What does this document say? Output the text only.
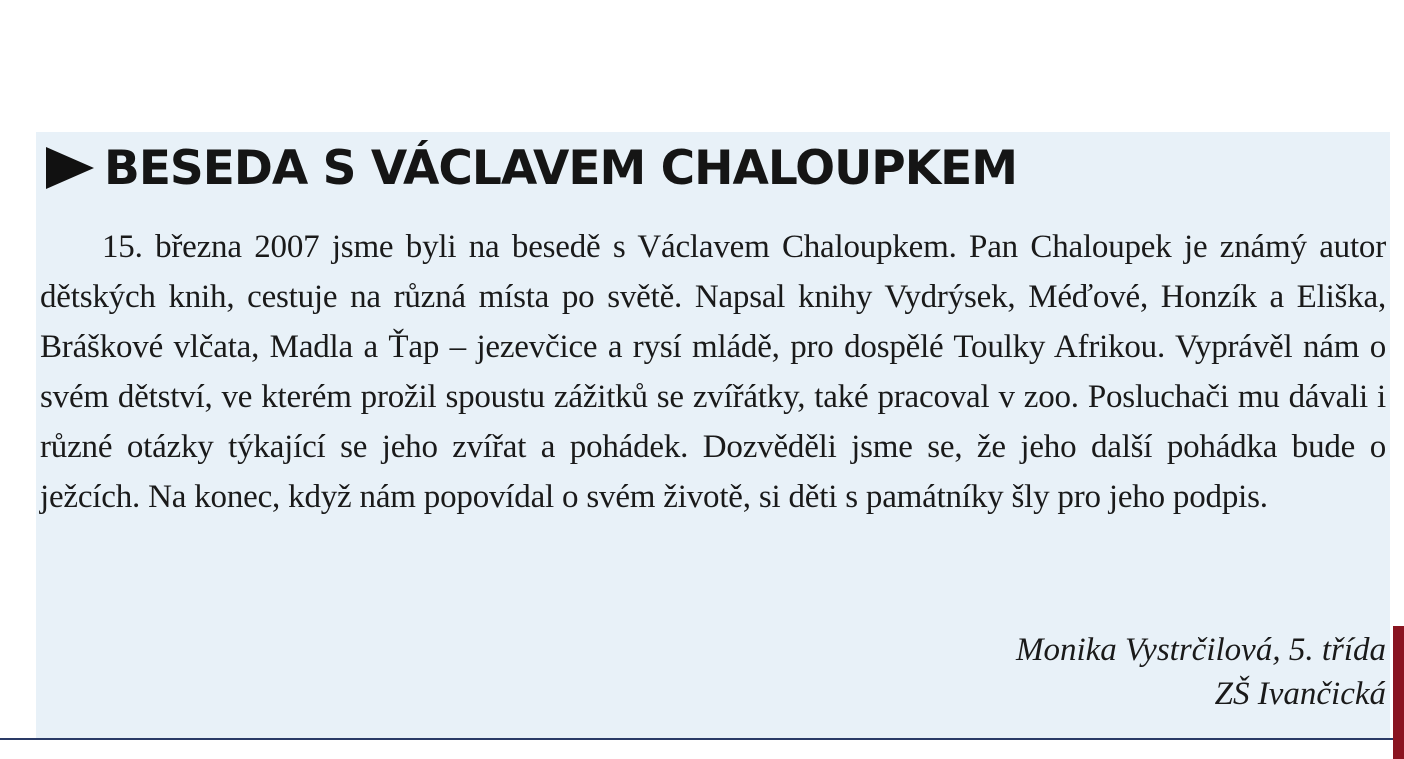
BESEDA S VÁCLAVEM CHALOUPKEM

15. března 2007 jsme byli na besedě s Václavem Chaloupkem. Pan Chaloupek je známý autor dětských knih, cestuje na různá místa po světě. Napsal knihy Vydrýsek, Méďové, Honzík a Eliška, Bráškové vlčata, Madla a Ťap – jezevčice a rysí mládě, pro dospělé Toulky Afrikou. Vyprávěl nám o svém dětství, ve kterém prožil spoustu zážitků se zvířátky, také pracoval v zoo. Posluchači mu dávali i různé otázky týkající se jeho zvířat a pohádek. Dozvěděli jsme se, že jeho další pohádka bude o ježcích. Na konec, když nám popovídal o svém životě, si děti s památníky šly pro jeho podpis.

Monika Vystrčilová, 5. třída
ZŠ Ivančická
